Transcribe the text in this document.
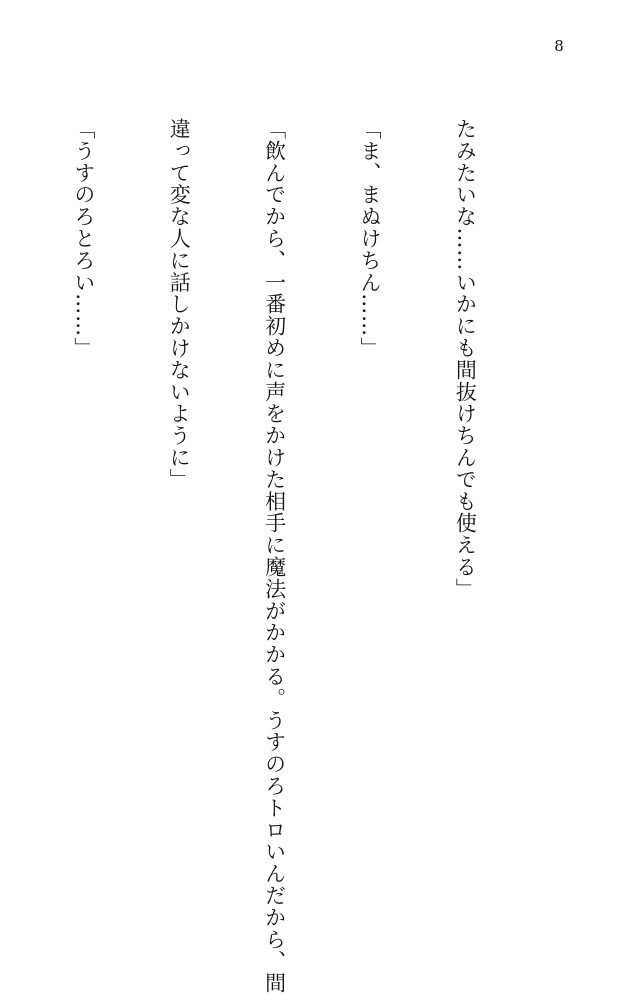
8

たみたいな……いかにも間抜けちんでも使える」

「ま、まぬけちん……」

「飲んでから、一番初めに声をかけた相手に魔法がかかる。うすのろトロいんだから、間

違って変な人に話しかけないように」

「うすのろとろい……」
